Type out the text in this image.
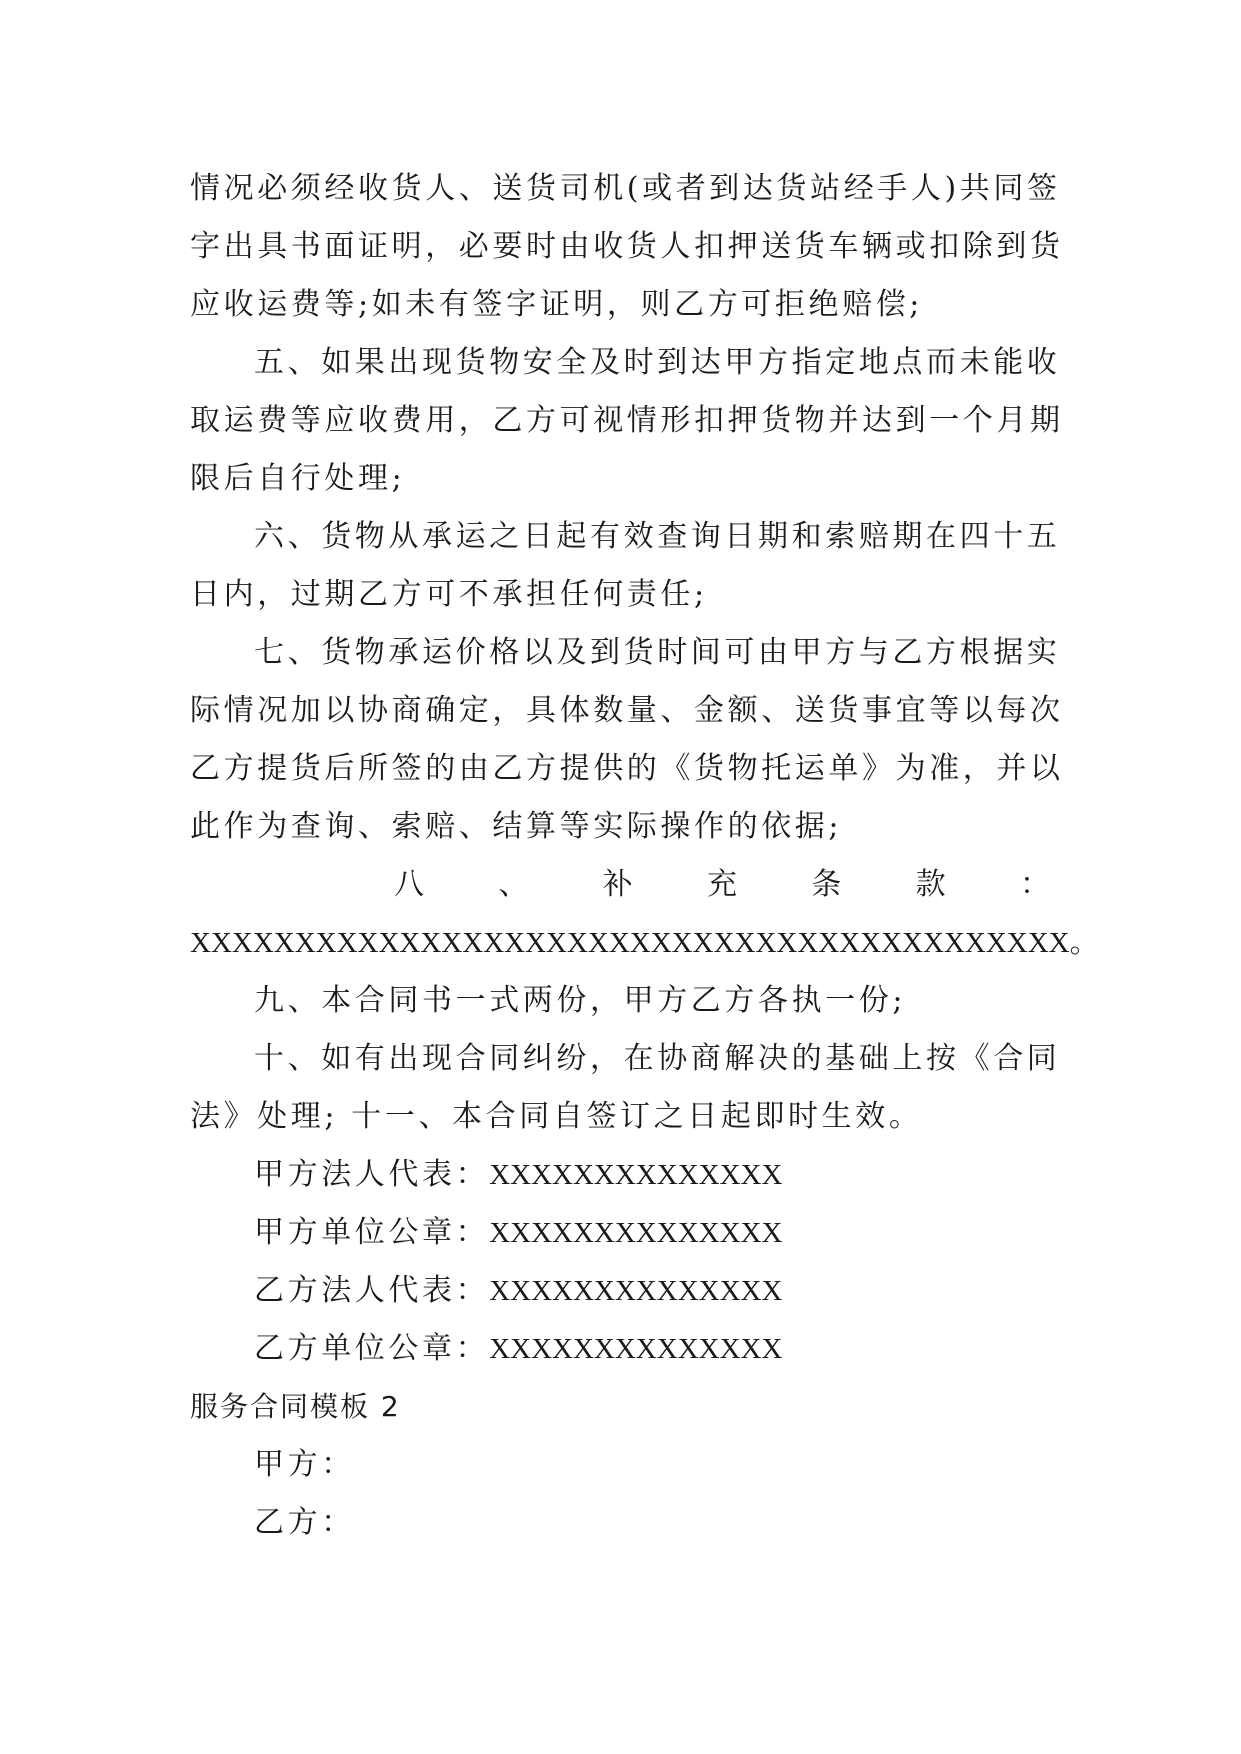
情况必须经收货人、送货司机(或者到达货站经手人)共同签
字出具书面证明，必要时由收货人扣押送货车辆或扣除到货
应收运费等;如未有签字证明，则乙方可拒绝赔偿;
五、如果出现货物安全及时到达甲方指定地点而未能收
取运费等应收费用，乙方可视情形扣押货物并达到一个月期
限后自行处理;
六、货物从承运之日起有效查询日期和索赔期在四十五
日内，过期乙方可不承担任何责任;
七、货物承运价格以及到货时间可由甲方与乙方根据实
际情况加以协商确定，具体数量、金额、送货事宜等以每次
乙方提货后所签的由乙方提供的《货物托运单》为准，并以
此作为查询、索赔、结算等实际操作的依据;
八 、 补 充 条 款 ：
XXXXXXXXXXXXXXXXXXXXXXXXXXXXXXXXXXXXXXXXXX。
九、本合同书一式两份，甲方乙方各执一份;
十、如有出现合同纠纷，在协商解决的基础上按《合同
法》处理; 十一、本合同自签订之日起即时生效。
甲方法人代表：XXXXXXXXXXXXXX
甲方单位公章：XXXXXXXXXXXXXX
乙方法人代表：XXXXXXXXXXXXXX
乙方单位公章：XXXXXXXXXXXXXX
服务合同模板 2
甲方：
乙方：
